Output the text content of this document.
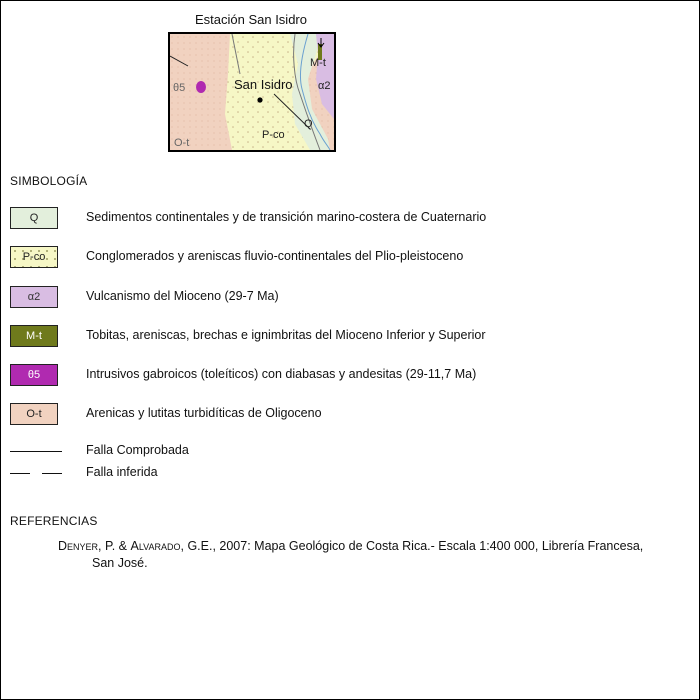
Estación San Isidro
θ5
O-t
San Isidro
P-co
Q
M-t
α2
SIMBOLOGÍA
Q	Sedimentos continentales y de transición marino-costera de Cuaternario
P-co	Conglomerados y areniscas fluvio-continentales del Plio-pleistoceno
α2	Vulcanismo del Mioceno (29-7 Ma)
M-t	Tobitas, areniscas, brechas e ignimbritas del Mioceno Inferior y Superior
θ5	Intrusivos gabroicos (toleíticos) con diabasas y andesitas (29-11,7 Ma)
O-t	Arenicas y lutitas turbidíticas de Oligoceno
Falla Comprobada
Falla inferida
REFERENCIAS
Denyer, P. & Alvarado, G.E., 2007: Mapa Geológico de Costa Rica.- Escala 1:400 000, Librería Francesa,
San José.
